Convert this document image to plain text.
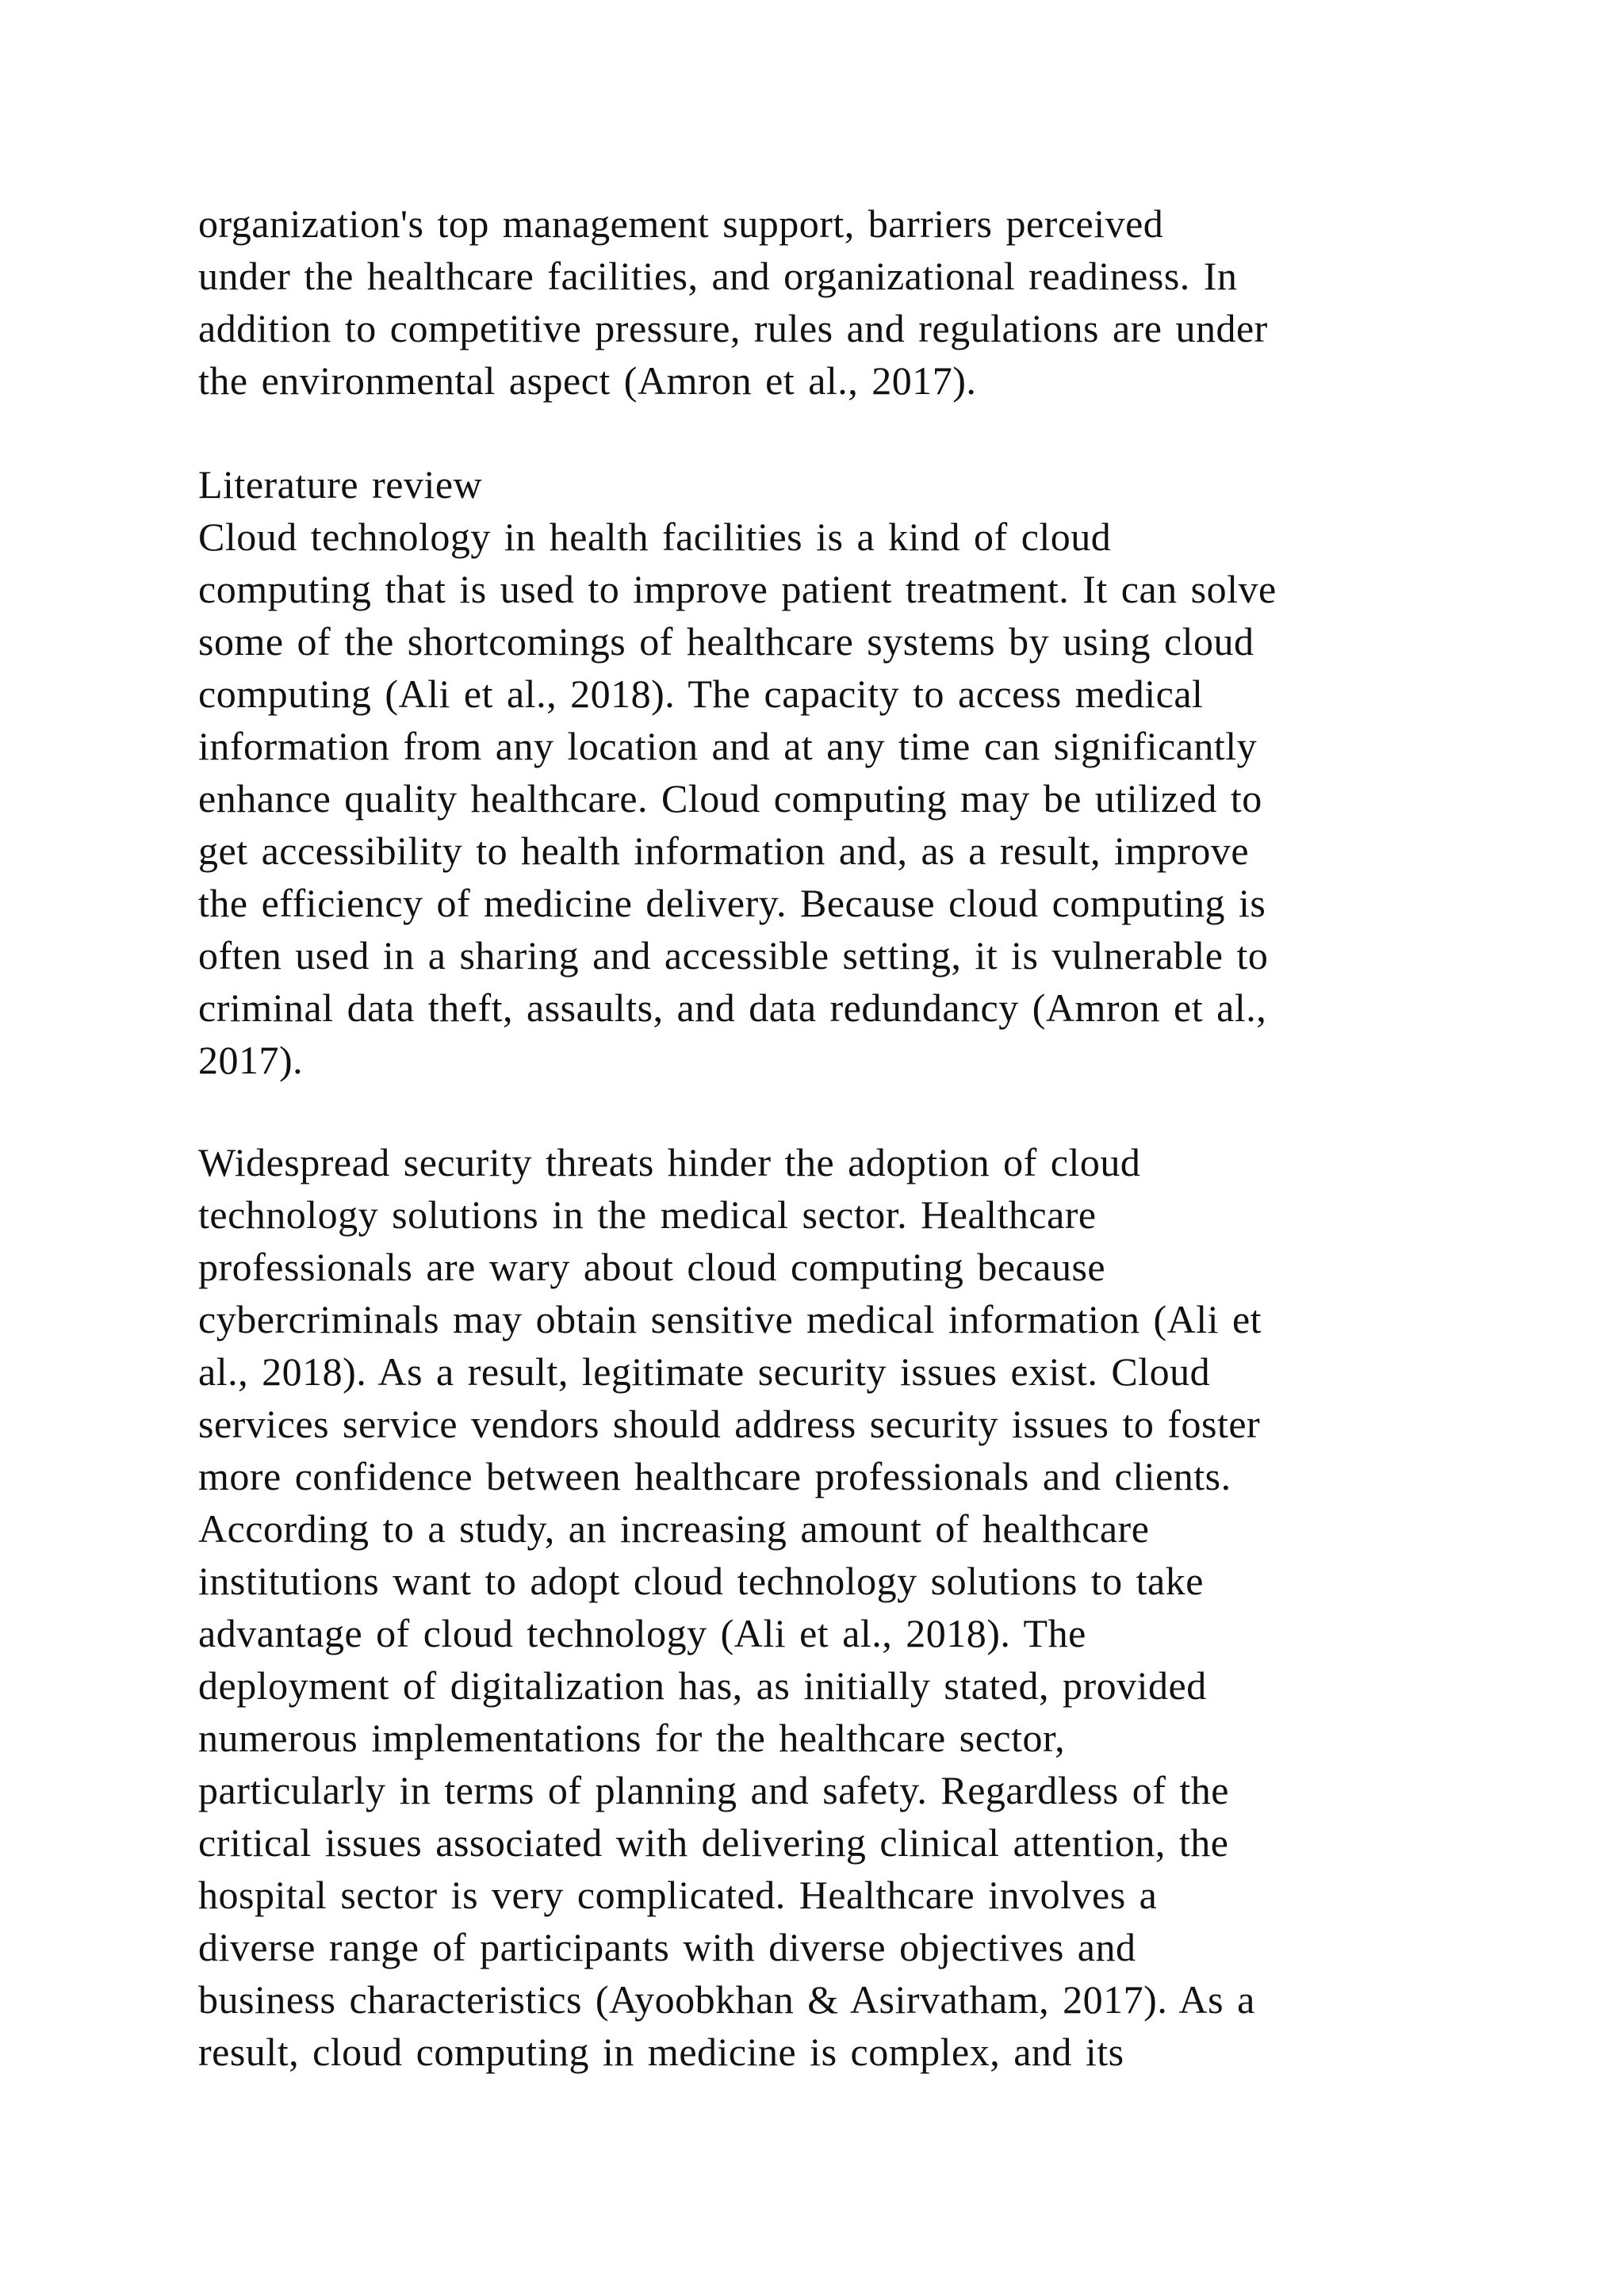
organization's top management support, barriers perceived
under the healthcare facilities, and organizational readiness. In
addition to competitive pressure, rules and regulations are under
the environmental aspect (Amron et al., 2017).
Literature review
Cloud technology in health facilities is a kind of cloud
computing that is used to improve patient treatment. It can solve
some of the shortcomings of healthcare systems by using cloud
computing (Ali et al., 2018). The capacity to access medical
information from any location and at any time can significantly
enhance quality healthcare. Cloud computing may be utilized to
get accessibility to health information and, as a result, improve
the efficiency of medicine delivery. Because cloud computing is
often used in a sharing and accessible setting, it is vulnerable to
criminal data theft, assaults, and data redundancy (Amron et al.,
2017).
Widespread security threats hinder the adoption of cloud
technology solutions in the medical sector. Healthcare
professionals are wary about cloud computing because
cybercriminals may obtain sensitive medical information (Ali et
al., 2018). As a result, legitimate security issues exist. Cloud
services service vendors should address security issues to foster
more confidence between healthcare professionals and clients.
According to a study, an increasing amount of healthcare
institutions want to adopt cloud technology solutions to take
advantage of cloud technology (Ali et al., 2018). The
deployment of digitalization has, as initially stated, provided
numerous implementations for the healthcare sector,
particularly in terms of planning and safety. Regardless of the
critical issues associated with delivering clinical attention, the
hospital sector is very complicated. Healthcare involves a
diverse range of participants with diverse objectives and
business characteristics (Ayoobkhan & Asirvatham, 2017). As a
result, cloud computing in medicine is complex, and its
